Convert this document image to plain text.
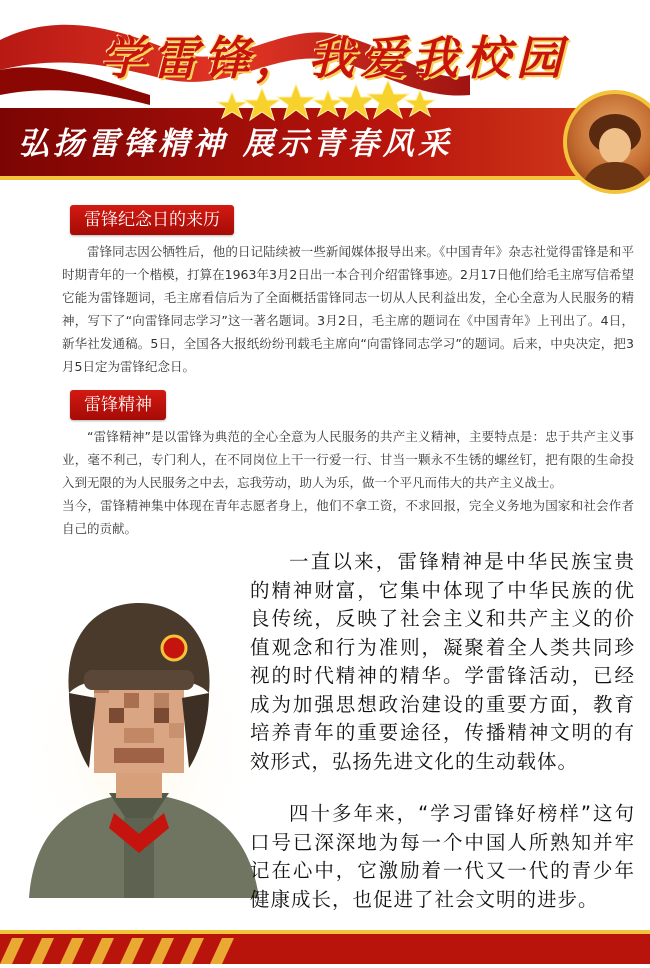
学雷锋，我爱我校园
弘扬雷锋精神 展示青春风采
雷锋纪念日的来历

雷锋同志因公牺牲后，他的日记陆续被一些新闻媒体报导出来。《中国青年》杂志社觉得雷锋是和平时期青年的一个楷模，打算在1963年3月2日出一本合刊介绍雷锋事迹。2月17日他们给毛主席写信希望它能为雷锋题词，毛主席看信后为了全面概括雷锋同志一切从人民利益出发，全心全意为人民服务的精神，写下了“向雷锋同志学习”这一著名题词。3月2日，毛主席的题词在《中国青年》上刊出了。4日，新华社发通稿。5日，全国各大报纸纷纷刊载毛主席向“向雷锋同志学习”的题词。后来，中央决定，把3月5日定为雷锋纪念日。

雷锋精神

“雷锋精神”是以雷锋为典范的全心全意为人民服务的共产主义精神，主要特点是：忠于共产主义事业，毫不利己，专门利人，在不同岗位上干一行爱一行、甘当一颗永不生锈的螺丝钉，把有限的生命投入到无限的为人民服务之中去，忘我劳动，助人为乐，做一个平凡而伟大的共产主义战士。

当今，雷锋精神集中体现在青年志愿者身上，他们不拿工资，不求回报，完全义务地为国家和社会作者自己的贡献。

一直以来，雷锋精神是中华民族宝贵的精神财富，它集中体现了中华民族的优良传统，反映了社会主义和共产主义的价值观念和行为准则，凝聚着全人类共同珍视的时代精神的精华。学雷锋活动，已经成为加强思想政治建设的重要方面，教育培养青年的重要途径，传播精神文明的有效形式，弘扬先进文化的生动载体。

四十多年来，“学习雷锋好榜样”这句口号已深深地为每一个中国人所熟知并牢记在心中，它激励着一代又一代的青少年健康成长，也促进了社会文明的进步。
